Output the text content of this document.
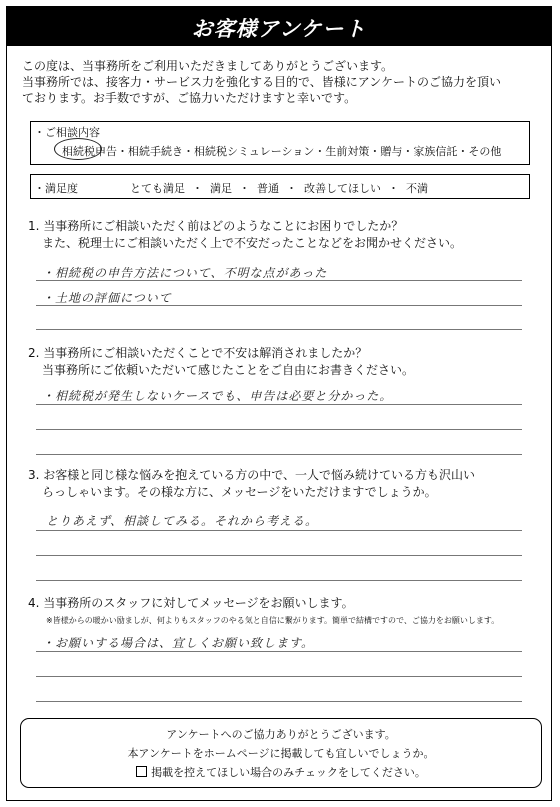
お客様アンケート

この度は、当事務所をご利用いただきましてありがとうございます。

当事務所では、接客力・サービス力を強化する目的で、皆様にアンケートのご協力を頂い

ております。お手数ですが、ご協力いただけますと幸いです。

・ご相談内容
相続税申告・相続手続き・相続税シミュレーション・生前対策・贈与・家族信託・その他
・満足度	とても満足  ・  満足  ・  普通  ・  改善してほしい  ・  不満

1. 当事務所にご相談いただく前はどのようなことにお困りでしたか？

また、税理士にご相談いただく上で不安だったことなどをお聞かせください。

・相続税の申告方法について、不明な点があった
・土地の評価について

2. 当事務所にご相談いただくことで不安は解消されましたか？

当事務所にご依頼いただいて感じたことをご自由にお書きください。

・相続税が発生しないケースでも、申告は必要と分かった。

3. お客様と同じ様な悩みを抱えている方の中で、一人で悩み続けている方も沢山い

らっしゃいます。その様な方に、メッセージをいただけますでしょうか。

とりあえず、相談してみる。それから考える。

4. 当事務所のスタッフに対してメッセージをお願いします。

※皆様からの暖かい励ましが、何よりもスタッフのやる気と自信に繋がります。簡単で結構ですので、ご協力をお願いします。
・お願いする場合は、宜しくお願い致します。

アンケートへのご協力ありがとうございます。

本アンケートをホームページに掲載しても宜しいでしょうか。

掲載を控えてほしい場合のみチェックをしてください。
